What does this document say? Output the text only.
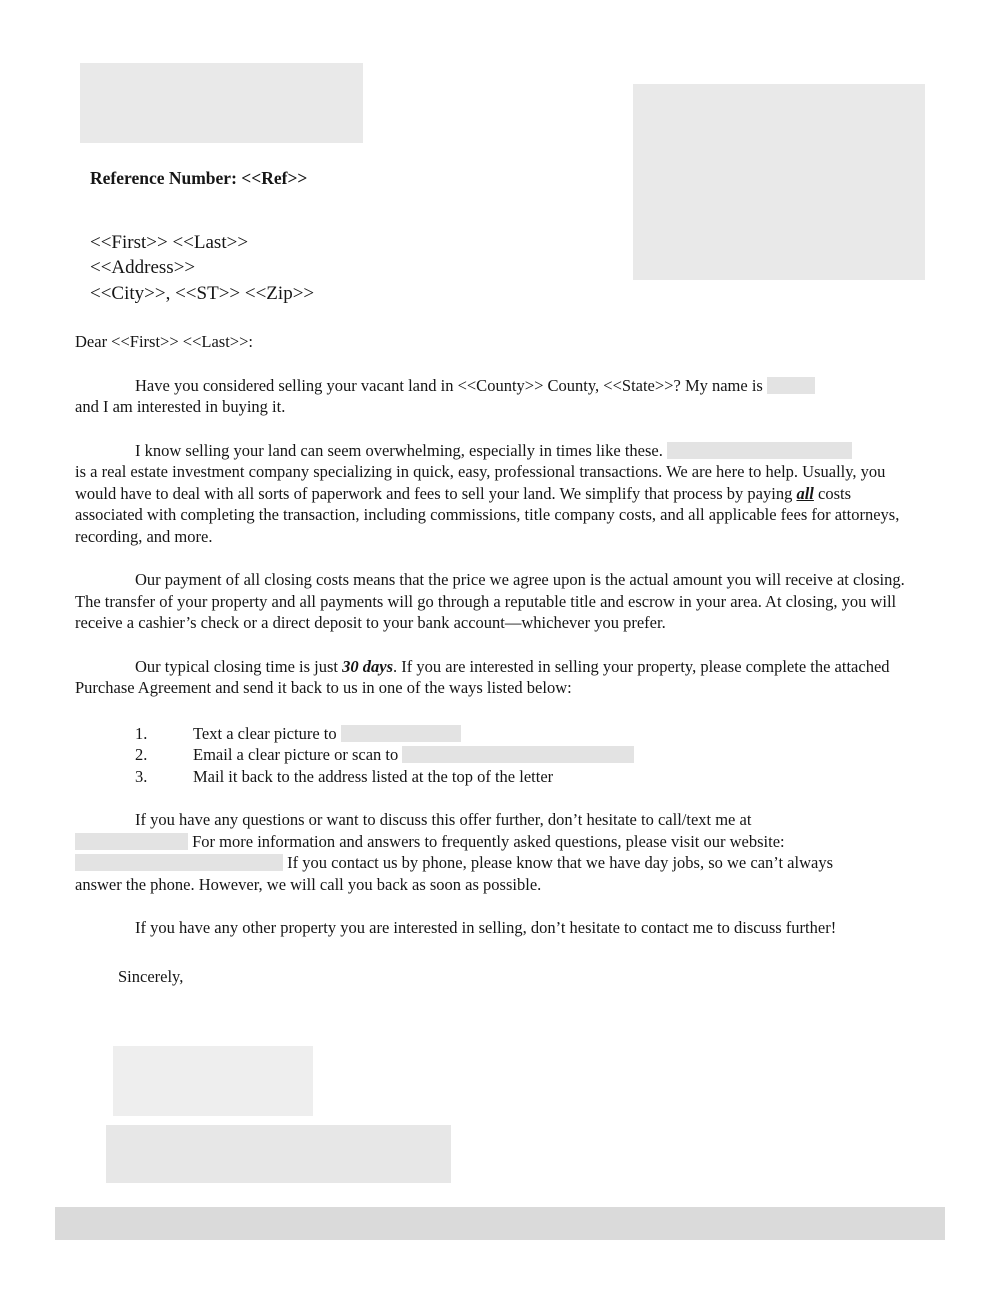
Reference Number: <<Ref>>
<<First>> <<Last>>
<<Address>>
<<City>>, <<ST>> <<Zip>>

Dear <<First>> <<Last>>:

Have you considered selling your vacant land in <<County>> County, <<State>>? My name is
and I am interested in buying it.

I know selling your land can seem overwhelming, especially in times like these.
is a real estate investment company specializing in quick, easy, professional transactions. We are here to help. Usually, you would have to deal with all sorts of paperwork and fees to sell your land. We simplify that process by paying all costs associated with completing the transaction, including commissions, title company costs, and all applicable fees for attorneys, recording, and more.

Our payment of all closing costs means that the price we agree upon is the actual amount you will receive at closing. The transfer of your property and all payments will go through a reputable title and escrow in your area. At closing, you will receive a cashier’s check or a direct deposit to your bank account—whichever you prefer.

Our typical closing time is just 30 days. If you are interested in selling your property, please complete the attached Purchase Agreement and send it back to us in one of the ways listed below:

1.	Text a clear picture to
2.	Email a clear picture or scan to
3.	Mail it back to the address listed at the top of the letter

If you have any questions or want to discuss this offer further, don’t hesitate to call/text me at
For more information and answers to frequently asked questions, please visit our website:
If you contact us by phone, please know that we have day jobs, so we can’t always
answer the phone. However, we will call you back as soon as possible.

If you have any other property you are interested in selling, don’t hesitate to contact me to discuss further!

Sincerely,
